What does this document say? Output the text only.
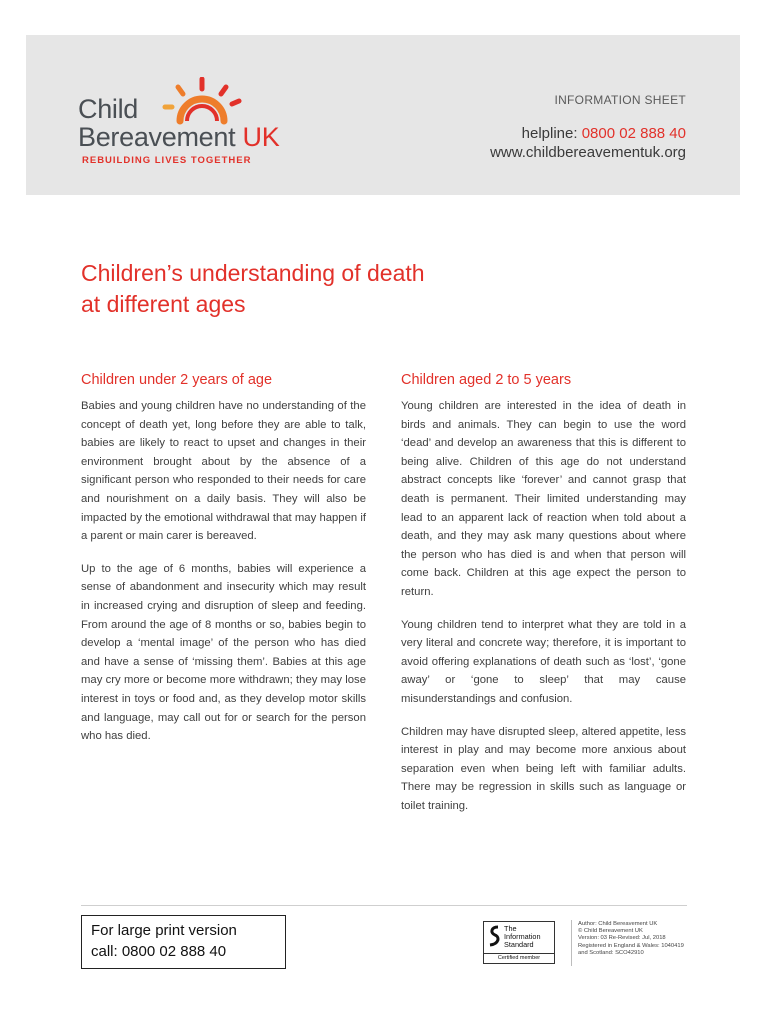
Child
Bereavement UK
REBUILDING LIVES TOGETHER
INFORMATION SHEET
helpline: 0800 02 888 40
www.childbereavementuk.org
Children’s understanding of death
at different ages
Children under 2 years of age

Babies and young children have no understanding of the concept of death yet, long before they are able to talk, babies are likely to react to upset and changes in their environment brought about by the absence of a significant person who responded to their needs for care and nourishment on a daily basis. They will also be impacted by the emotional withdrawal that may happen if a parent or main carer is bereaved.

Up to the age of 6 months, babies will experience a sense of abandonment and insecurity which may result in increased crying and disruption of sleep and feeding. From around the age of 8 months or so, babies begin to develop a ‘mental image’ of the person who has died and have a sense of ‘missing them’. Babies at this age may cry more or become more withdrawn; they may lose interest in toys or food and, as they develop motor skills and language, may call out for or search for the person who has died.

Children aged 2 to 5 years

Young children are interested in the idea of death in birds and animals. They can begin to use the word ‘dead’ and develop an awareness that this is different to being alive. Children of this age do not understand abstract concepts like ‘forever’ and cannot grasp that death is permanent. Their limited understanding may lead to an apparent lack of reaction when told about a death, and they may ask many questions about where the person who has died is and when that person will come back. Children at this age expect the person to return.

Young children tend to interpret what they are told in a very literal and concrete way; therefore, it is important to avoid offering explanations of death such as ‘lost’, ‘gone away’ or ‘gone to sleep’ that may cause misunderstandings and confusion.

Children may have disrupted sleep, altered appetite, less interest in play and may become more anxious about separation even when being left with familiar adults. There may be regression in skills such as language or toilet training.

For large print version
call: 0800 02 888 40
The
Information
Standard
Certified member
Author: Child Bereavement UK
© Child Bereavement UK
Version: 03 Re-Revised: Jul, 2018
Registered in England & Wales: 1040419
and Scotland: SCO42910
